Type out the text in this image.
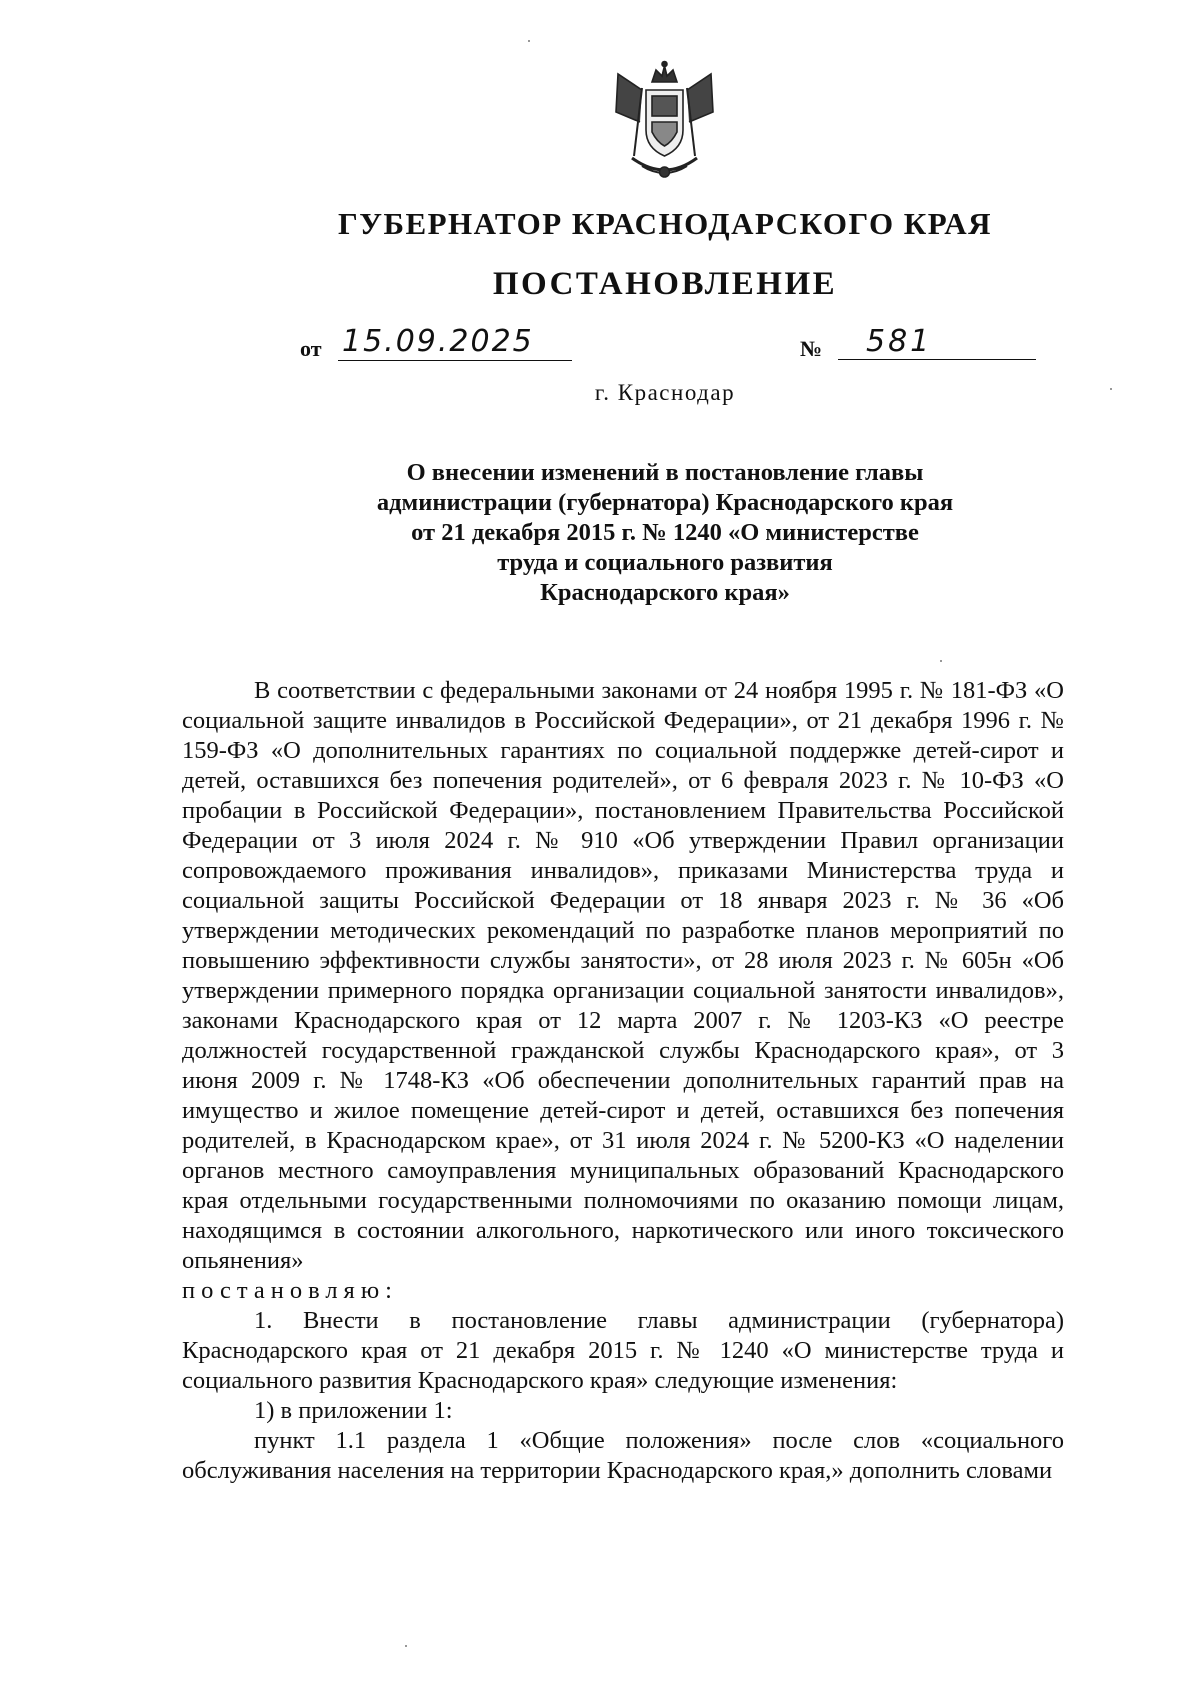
ГУБЕРНАТОР КРАСНОДАРСКОГО КРАЯ
ПОСТАНОВЛЕНИЕ
от 15.09.2025	№	581
г. Краснодар
О внесении изменений в постановление главы
администрации (губернатора) Краснодарского края
от 21 декабря 2015 г. № 1240 «О министерстве
труда и социального развития
Краснодарского края»

В соответствии с федеральными законами от 24 ноября 1995 г. № 181-ФЗ «О социальной защите инвалидов в Российской Федерации», от 21 декабря 1996 г. № 159-ФЗ «О дополнительных гарантиях по социальной поддержке детей-сирот и детей, оставшихся без попечения родителей», от 6 февраля 2023 г. № 10-ФЗ «О пробации в Российской Федерации», постановлением Правительства Российской Федерации от 3 июля 2024 г. № 910 «Об утверждении Правил организации сопровождаемого проживания инвалидов», приказами Министерства труда и социальной защиты Российской Федерации от 18 января 2023 г. № 36 «Об утверждении методических рекомендаций по разработке планов мероприятий по повышению эффективности службы занятости», от 28 июля 2023 г. № 605н «Об утверждении примерного порядка организации социальной занятости инвалидов», законами Краснодарского края от 12 марта 2007 г. № 1203-КЗ «О реестре должностей государственной гражданской службы Краснодарского края», от 3 июня 2009 г. № 1748-КЗ «Об обеспечении дополнительных гарантий прав на имущество и жилое помещение детей-сирот и детей, оставшихся без попечения родителей, в Краснодарском крае», от 31 июля 2024 г. № 5200-КЗ «О наделении органов местного самоуправления муниципальных образований Краснодарского края отдельными государственными полномочиями по оказанию помощи лицам, находящимся в состоянии алкогольного, наркотического или иного токсического опьянения»

постановляю:

1. Внести в постановление главы администрации (губернатора) Краснодарского края от 21 декабря 2015 г. № 1240 «О министерстве труда и социального развития Краснодарского края» следующие изменения:

1) в приложении 1:

пункт 1.1 раздела 1 «Общие положения» после слов «социального обслуживания населения на территории Краснодарского края,» дополнить словами
